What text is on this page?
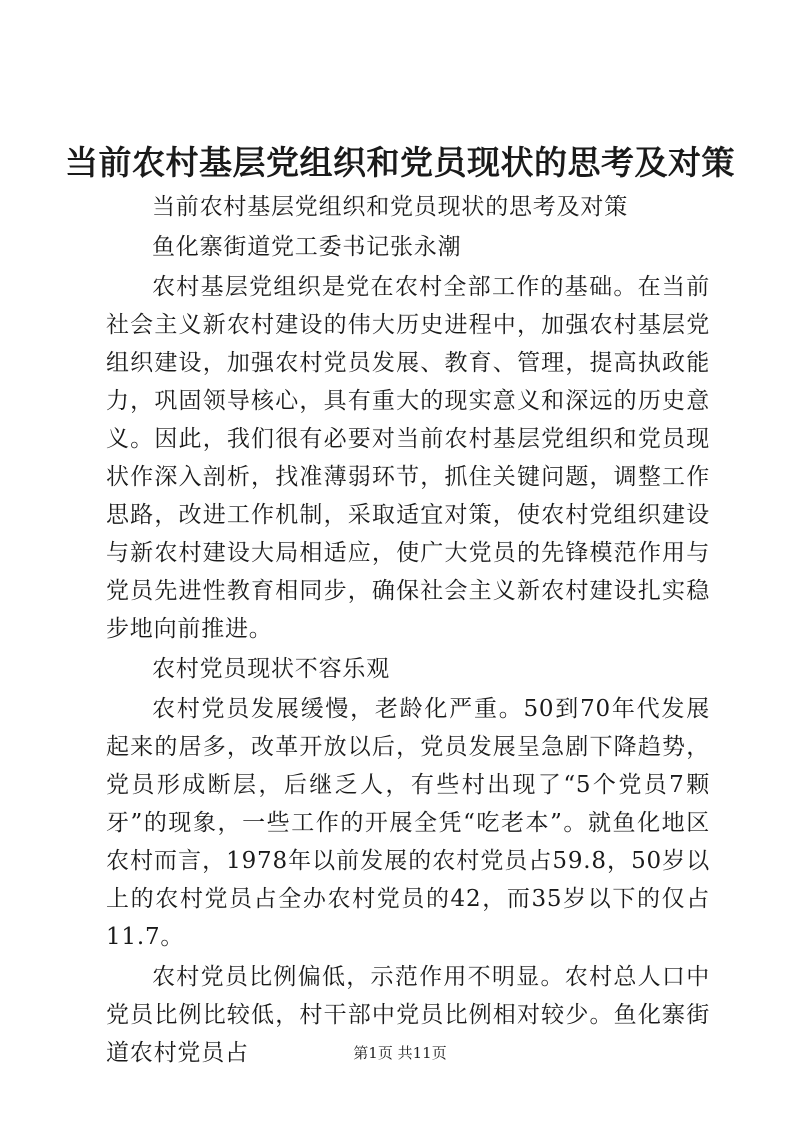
当前农村基层党组织和党员现状的思考及对策

当前农村基层党组织和党员现状的思考及对策

鱼化寨街道党工委书记张永潮

农村基层党组织是党在农村全部工作的基础。在当前社会主义新农村建设的伟大历史进程中，加强农村基层党组织建设，加强农村党员发展、教育、管理，提高执政能力，巩固领导核心，具有重大的现实意义和深远的历史意义。因此，我们很有必要对当前农村基层党组织和党员现状作深入剖析，找准薄弱环节，抓住关键问题，调整工作思路，改进工作机制，采取适宜对策，使农村党组织建设与新农村建设大局相适应，使广大党员的先锋模范作用与党员先进性教育相同步，确保社会主义新农村建设扎实稳步地向前推进。

农村党员现状不容乐观

农村党员发展缓慢，老龄化严重。50到70年代发展起来的居多，改革开放以后，党员发展呈急剧下降趋势，党员形成断层，后继乏人，有些村出现了“5个党员7颗牙”的现象，一些工作的开展全凭“吃老本”。就鱼化地区农村而言，1978年以前发展的农村党员占59.8，50岁以上的农村党员占全办农村党员的42，而35岁以下的仅占11.7。

农村党员比例偏低，示范作用不明显。农村总人口中党员比例比较低，村干部中党员比例相对较少。鱼化寨街道农村党员占	第1页 共11页
